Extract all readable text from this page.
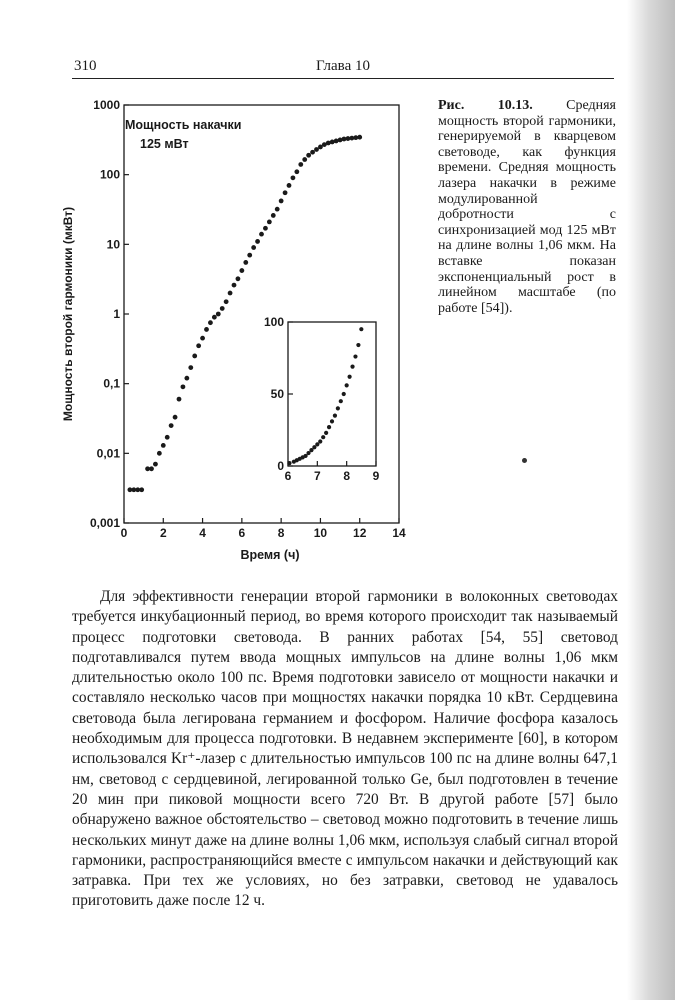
310	Глава 10
0,001
0,01
0,1
1
10
100
1000
0	2	4	6	8 10 12 14
Мощность накачки
125 мВт
Мощность второй гармоники (мкВт)
Время (ч)
0
50
100
6 7 8 9
Рис. 10.13. Средняя мощность второй гармоники, генерируемой в кварцевом световоде, как функция времени. Средняя мощность лазера накачки в режиме модулированной добротности с синхронизацией мод 125 мВт на длине волны 1,06 мкм. На вставке показан экспоненциальный рост в линейном масштабе (по работе [54]).

Для эффективности генерации второй гармоники в волоконных световодах требуется инкубационный период, во время которого происходит так называемый процесс подготовки световода. В ранних работах [54, 55] световод подготавливался путем ввода мощных импульсов на длине волны 1,06 мкм длительностью около 100 пс. Время подготовки зависело от мощности накачки и составляло несколько часов при мощностях накачки порядка 10 кВт. Сердцевина световода была легирована германием и фосфором. Наличие фосфора казалось необходимым для процесса подготовки. В недавнем эксперименте [60], в котором использовался Kr⁺-лазер с длительностью импульсов 100 пс на длине волны 647,1 нм, световод с сердцевиной, легированной только Ge, был подготовлен в течение 20 мин при пиковой мощности всего 720 Вт. В другой работе [57] было обнаружено важное обстоятельство – световод можно подготовить в течение лишь нескольких минут даже на длине волны 1,06 мкм, используя слабый сигнал второй гармоники, распространяющийся вместе с импульсом накачки и действующий как затравка. При тех же условиях, но без затравки, световод не удавалось приготовить даже после 12 ч.
